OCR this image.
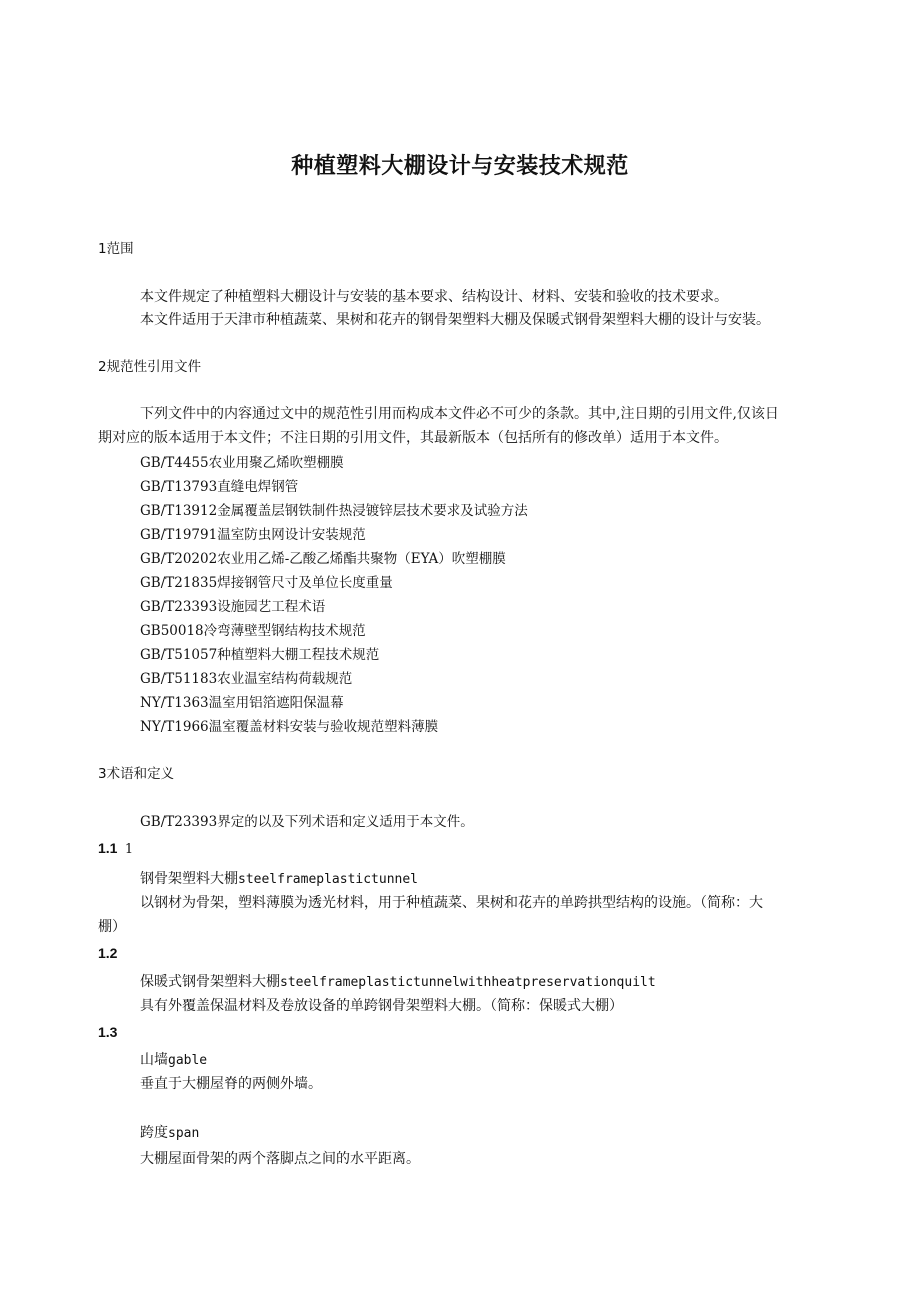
种植塑料大棚设计与安装技术规范
1范围
本文件规定了种植塑料大棚设计与安装的基本要求、结构设计、材料、安装和验收的技术要求。
本文件适用于天津市种植蔬菜、果树和花卉的钢骨架塑料大棚及保暖式钢骨架塑料大棚的设计与安装。
2规范性引用文件
下列文件中的内容通过文中的规范性引用而构成本文件必不可少的条款。其中,注日期的引用文件,仅该日
期对应的版本适用于本文件；不注日期的引用文件，其最新版本（包括所有的修改单）适用于本文件。
GB/T4455农业用聚乙烯吹塑棚膜
GB/T13793直缝电焊钢管
GB/T13912金属覆盖层钢铁制件热浸镀锌层技术要求及试验方法
GB/T19791温室防虫网设计安装规范
GB/T20202农业用乙烯-乙酸乙烯酯共聚物（EYA）吹塑棚膜
GB/T21835焊接钢管尺寸及单位长度重量
GB/T23393设施园艺工程术语
GB50018冷弯薄壁型钢结构技术规范
GB/T51057种植塑料大棚工程技术规范
GB/T51183农业温室结构荷载规范
NY/T1363温室用铝箔遮阳保温幕
NY/T1966温室覆盖材料安装与验收规范塑料薄膜
3术语和定义
GB/T23393界定的以及下列术语和定义适用于本文件。
1.1 1
钢骨架塑料大棚steelframeplastictunnel
以钢材为骨架，塑料薄膜为透光材料，用于种植蔬菜、果树和花卉的单跨拱型结构的设施。（简称：大
棚）
1.2
保暖式钢骨架塑料大棚steelframeplastictunnelwithheatpreservationquilt
具有外覆盖保温材料及卷放设备的单跨钢骨架塑料大棚。（简称：保暖式大棚）
1.3
山墙gable
垂直于大棚屋脊的两侧外墙。
跨度span
大棚屋面骨架的两个落脚点之间的水平距离。
